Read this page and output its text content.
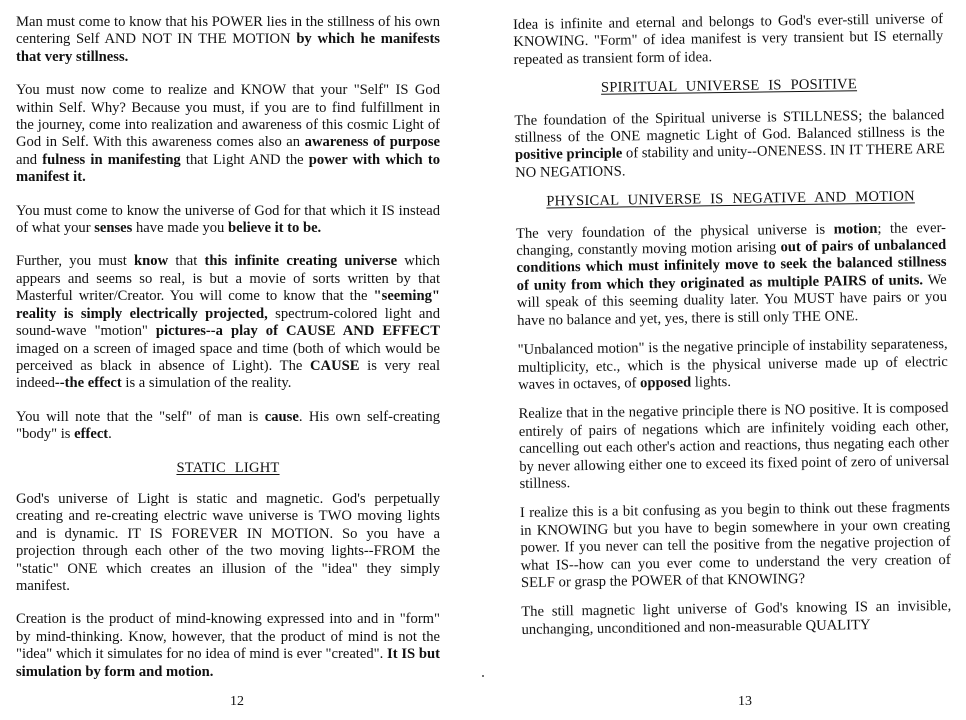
Man must come to know that his POWER lies in the stillness of his own centering Self AND NOT IN THE MOTION by which he manifests that very stillness.

You must now come to realize and KNOW that your "Self" IS God within Self. Why? Because you must, if you are to find fulfillment in the journey, come into realization and awareness of this cosmic Light of God in Self. With this awareness comes also an awareness of purpose and fulness in manifesting that Light AND the power with which to manifest it.

You must come to know the universe of God for that which it IS instead of what your senses have made you believe it to be.

Further, you must know that this infinite creating universe which appears and seems so real, is but a movie of sorts written by that Masterful writer/Creator. You will come to know that the "seeming" reality is simply electrically projected, spectrum-colored light and sound-wave "motion" pictures--a play of CAUSE AND EFFECT imaged on a screen of imaged space and time (both of which would be perceived as black in absence of Light). The CAUSE is very real indeed--the effect is a simulation of the reality.

You will note that the "self" of man is cause. His own self-creating "body" is effect.

STATIC LIGHT

God's universe of Light is static and magnetic. God's perpetually creating and re-creating electric wave universe is TWO moving lights and is dynamic. IT IS FOREVER IN MOTION. So you have a projection through each other of the two moving lights--FROM the "static" ONE which creates an illusion of the "idea" they simply manifest.

Creation is the product of mind-knowing expressed into and in "form" by mind-thinking. Know, however, that the product of mind is not the "idea" which it simulates for no idea of mind is ever "created". It IS but simulation by form and motion.

12

Idea is infinite and eternal and belongs to God's ever-still universe of KNOWING. "Form" of idea manifest is very transient but IS eternally repeated as transient form of idea.

SPIRITUAL UNIVERSE IS POSITIVE

The foundation of the Spiritual universe is STILLNESS; the balanced stillness of the ONE magnetic Light of God. Balanced stillness is the positive principle of stability and unity--ONENESS. IN IT THERE ARE NO NEGATIONS.

PHYSICAL UNIVERSE IS NEGATIVE AND MOTION

The very foundation of the physical universe is motion; the ever-changing, constantly moving motion arising out of pairs of unbalanced conditions which must infinitely move to seek the balanced stillness of unity from which they originated as multiple PAIRS of units. We will speak of this seeming duality later. You MUST have pairs or you have no balance and yet, yes, there is still only THE ONE.

"Unbalanced motion" is the negative principle of instability separateness, multiplicity, etc., which is the physical universe made up of electric waves in octaves, of opposed lights.

Realize that in the negative principle there is NO positive. It is composed entirely of pairs of negations which are infinitely voiding each other, cancelling out each other's action and reactions, thus negating each other by never allowing either one to exceed its fixed point of zero of universal stillness.

I realize this is a bit confusing as you begin to think out these fragments in KNOWING but you have to begin somewhere in your own creating power. If you never can tell the positive from the negative projection of what IS--how can you ever come to understand the very creation of SELF or grasp the POWER of that KNOWING?

The still magnetic light universe of God's knowing IS an invisible, unchanging, unconditioned and non-measurable QUALITY

13
